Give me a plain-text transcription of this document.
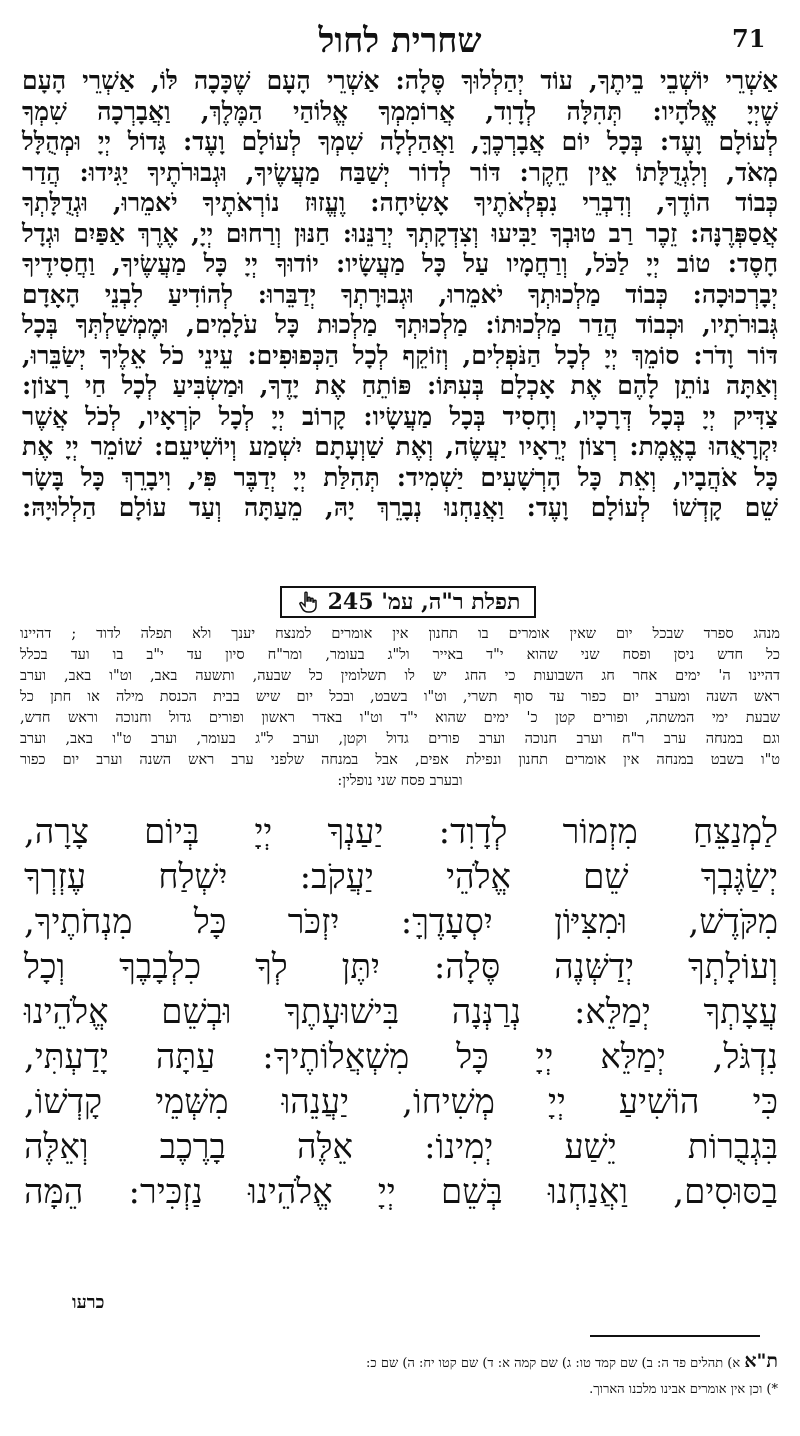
שחרית לחול	71

אַשְׁרֵי יוֹשְׁבֵי בֵיתֶךָ, עוֹד יְהַלְלוּךָ סֶּלָה: אַשְׁרֵי הָעָם שֶׁכָּכָה לּוֹ, אַשְׁרֵי הָעָם

שֶׁיְיָ אֱלֹהָיו: תְּהִלָּה לְדָוִד, אֲרוֹמִמְךָ אֱלוֹהַי הַמֶּלֶךְ, וַאֲבָרְכָה שִׁמְךָ

לְעוֹלָם וָעֶד: בְּכָל יוֹם אֲבָרְכֶךָּ, וַאֲהַלְלָה שִׁמְךָ לְעוֹלָם וָעֶד: גָּדוֹל יְיָ וּמְהֻלָּל

מְאֹד, וְלִגְדֻלָּתוֹ אֵין חֵקֶר: דּוֹר לְדוֹר יְשַׁבַּח מַעֲשֶׂיךָ, וּגְבוּרֹתֶיךָ יַגִּידוּ: הֲדַר

כְּבוֹד הוֹדֶךָ, וְדִבְרֵי נִפְלְאֹתֶיךָ אָשִׂיחָה: וֶעֱזוּז נוֹרְאֹתֶיךָ יֹאמֵרוּ, וּגְדֻלָּתְךָ

אֲסַפְּרֶנָּה: זֵכֶר רַב טוּבְךָ יַבִּיעוּ וְצִדְקָתְךָ יְרַנֵּנוּ: חַנּוּן וְרַחוּם יְיָ, אֶרֶךְ אַפַּיִם וּגְדָל

חָסֶד: טוֹב יְיָ לַכֹּל, וְרַחֲמָיו עַל כָּל מַעֲשָׂיו: יוֹדוּךָ יְיָ כָּל מַעֲשֶׂיךָ, וַחֲסִידֶיךָ

יְבָרְכוּכָה: כְּבוֹד מַלְכוּתְךָ יֹאמֵרוּ, וּגְבוּרָתְךָ יְדַבֵּרוּ: לְהוֹדִיעַ לִבְנֵי הָאָדָם

גְּבוּרֹתָיו, וּכְבוֹד הֲדַר מַלְכוּתוֹ: מַלְכוּתְךָ מַלְכוּת כָּל עֹלָמִים, וּמֶמְשַׁלְתְּךָ בְּכָל

דּוֹר וָדֹר: סוֹמֵךְ יְיָ לְכָל הַנֹּפְלִים, וְזוֹקֵף לְכָל הַכְּפוּפִים: עֵינֵי כֹל אֵלֶיךָ יְשַׂבֵּרוּ,

וְאַתָּה נוֹתֵן לָהֶם אֶת אָכְלָם בְּעִתּוֹ: פּוֹתֵחַ אֶת יָדֶךָ, וּמַשְׂבִּיעַ לְכָל חַי רָצוֹן:

צַדִּיק יְיָ בְּכָל דְּרָכָיו, וְחָסִיד בְּכָל מַעֲשָׂיו: קָרוֹב יְיָ לְכָל קֹרְאָיו, לְכֹל אֲשֶׁר

יִקְרָאֻהוּ בֶאֱמֶת: רְצוֹן יְרֵאָיו יַעֲשֶׂה, וְאֶת שַׁוְעָתָם יִשְׁמַע וְיוֹשִׁיעֵם: שׁוֹמֵר יְיָ אֶת

כָּל אֹהֲבָיו, וְאֵת כָּל הָרְשָׁעִים יַשְׁמִיד: תְּהִלַּת יְיָ יְדַבֶּר פִּי, וִיבָרֵךְ כָּל בָּשָׂר

שֵׁם קָדְשׁוֹ לְעוֹלָם וָעֶד: וַאֲנַחְנוּ נְבָרֵךְ יָהּ, מֵעַתָּה וְעַד עוֹלָם הַלְלוּיָהּ:

תפלת ר"ה, עמ' 245

מנהג ספרד שבכל יום שאין אומרים בו תחנון אין אומרים למנצח יענך ולא תפלה לדוד ; דהיינו

כל חדש ניסן ופסח שני שהוא י"ד באייר ול"ג בעומר, ומר"ח סיון עד י"ב בו ועד בכלל

דהיינו ה' ימים אחר חג השבועות כי החג יש לו תשלומין כל שבעה, ותשעה באב, וט"ו באב, וערב

ראש השנה ומערב יום כפור עד סוף תשרי, וט"ו בשבט, ובכל יום שיש בבית הכנסת מילה או חתן כל

שבעת ימי המשתה, ופורים קטן כ' ימים שהוא י"ד וט"ו באדר ראשון ופורים גדול וחנוכה וראש חדש,

וגם במנחה ערב ר"ח וערב חנוכה וערב פורים גדול וקטן, וערב ל"ג בעומר, וערב ט"ו באב, וערב

ט"ו בשבט במנחה אין אומרים תחנון ונפילת אפים, אבל במנחה שלפני ערב ראש השנה וערב יום כפור

ובערב פסח שני נופלין:

לַמְנַצֵּחַ מִזְמוֹר לְדָוִד: יַעַנְךָ יְיָ בְּיוֹם צָרָה,

יְשַׂגֶּבְךָ שֵׁם אֱלֹהֵי יַעֲקֹב: יִשְׁלַח עֶזְרְךָ

מִקֹּדֶשׁ, וּמִצִּיּוֹן יִסְעָדֶךָּ: יִזְכֹּר כָּל מִנְחֹתֶיךָ,

וְעוֹלָתְךָ יְדַשְּׁנֶה סֶּלָה: יִתֶּן לְךָ כִלְבָבֶךָ וְכָל

עֲצָתְךָ יְמַלֵּא: נְרַנְּנָה בִּישׁוּעָתֶךָ וּבְשֵׁם אֱלֹהֵינוּ

נִדְגֹּל, יְמַלֵּא יְיָ כָּל מִשְׁאֲלוֹתֶיךָ: עַתָּה יָדַעְתִּי,

כִּי הוֹשִׁיעַ יְיָ מְשִׁיחוֹ, יַעֲנֵהוּ מִשְּׁמֵי קָדְשׁוֹ,

בִּגְבֻרוֹת יֵשַׁע יְמִינוֹ: אֵלֶּה בָרֶכֶב וְאֵלֶּה

בַסּוּסִים, וַאֲנַחְנוּ בְּשֵׁם יְיָ אֱלֹהֵינוּ נַזְכִּיר: הֵמָּה

כרעו

ת"א א) תהלים פד ה: ב) שם קמד טו: ג) שם קמה א: ד) שם קטו יח: ה) שם כ:

*) וכן אין אומרים אבינו מלכנו הארוך.
